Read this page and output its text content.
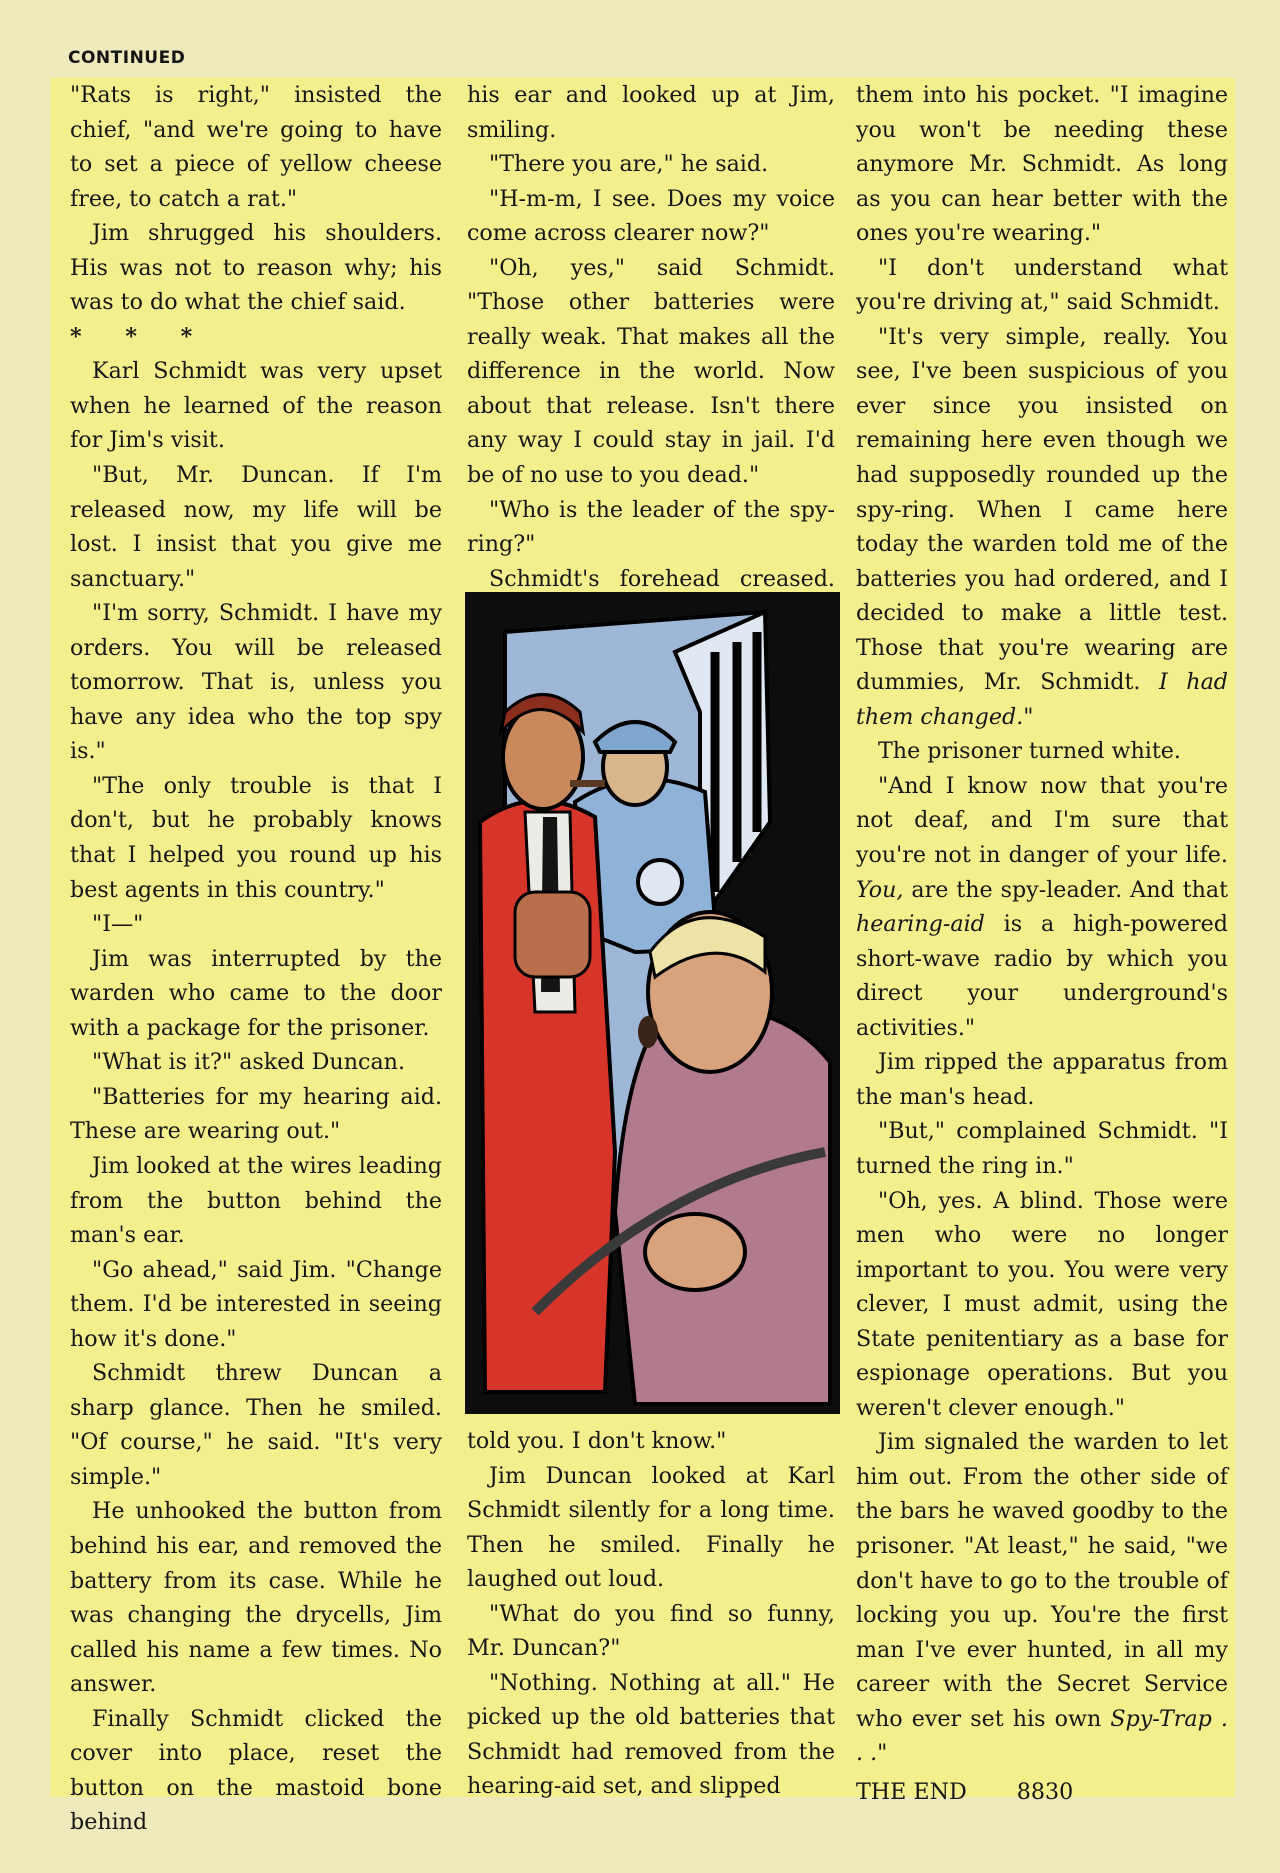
CONTINUED

"Rats is right," insisted the chief, "and we're going to have to set a piece of yellow cheese free, to catch a rat."

Jim shrugged his shoulders. His was not to reason why; his was to do what the chief said.

* * *

Karl Schmidt was very upset when he learned of the reason for Jim's visit.

"But, Mr. Duncan. If I'm released now, my life will be lost. I insist that you give me sanctuary."

"I'm sorry, Schmidt. I have my orders. You will be released tomorrow. That is, unless you have any idea who the top spy is."

"The only trouble is that I don't, but he probably knows that I helped you round up his best agents in this country."

"I—"

Jim was interrupted by the warden who came to the door with a package for the prisoner.

"What is it?" asked Duncan.

"Batteries for my hearing aid. These are wearing out."

Jim looked at the wires leading from the button behind the man's ear.

"Go ahead," said Jim. "Change them. I'd be interested in seeing how it's done."

Schmidt threw Duncan a sharp glance. Then he smiled. "Of course," he said. "It's very simple."

He unhooked the button from behind his ear, and removed the battery from its case. While he was changing the drycells, Jim called his name a few times. No answer.

Finally Schmidt clicked the cover into place, reset the button on the mastoid bone behind

his ear and looked up at Jim, smiling.

"There you are," he said.

"H-m-m, I see. Does my voice come across clearer now?"

"Oh, yes," said Schmidt. "Those other batteries were really weak. That makes all the difference in the world. Now about that release. Isn't there any way I could stay in jail. I'd be of no use to you dead."

"Who is the leader of the spy-ring?"

Schmidt's forehead creased.

told you. I don't know."

Jim Duncan looked at Karl Schmidt silently for a long time. Then he smiled. Finally he laughed out loud.

"What do you find so funny, Mr. Duncan?"

"Nothing. Nothing at all." He picked up the old batteries that Schmidt had removed from the hearing-aid set, and slipped

them into his pocket. "I imagine you won't be needing these anymore Mr. Schmidt. As long as you can hear better with the ones you're wearing."

"I don't understand what you're driving at," said Schmidt.

"It's very simple, really. You see, I've been suspicious of you ever since you insisted on remaining here even though we had supposedly rounded up the spy-ring. When I came here today the warden told me of the batteries you had ordered, and I decided to make a little test. Those that you're wearing are dummies, Mr. Schmidt. I had them changed."

The prisoner turned white.

"And I know now that you're not deaf, and I'm sure that you're not in danger of your life. You, are the spy-leader. And that hearing-aid is a high-powered short-wave radio by which you direct your underground's activities."

Jim ripped the apparatus from the man's head.

"But," complained Schmidt. "I turned the ring in."

"Oh, yes. A blind. Those were men who were no longer important to you. You were very clever, I must admit, using the State penitentiary as a base for espionage operations. But you weren't clever enough."

Jim signaled the warden to let him out. From the other side of the bars he waved goodby to the prisoner. "At least," he said, "we don't have to go to the trouble of locking you up. You're the first man I've ever hunted, in all my career with the Secret Service who ever set his own Spy-Trap . . ."

THE END 8830
